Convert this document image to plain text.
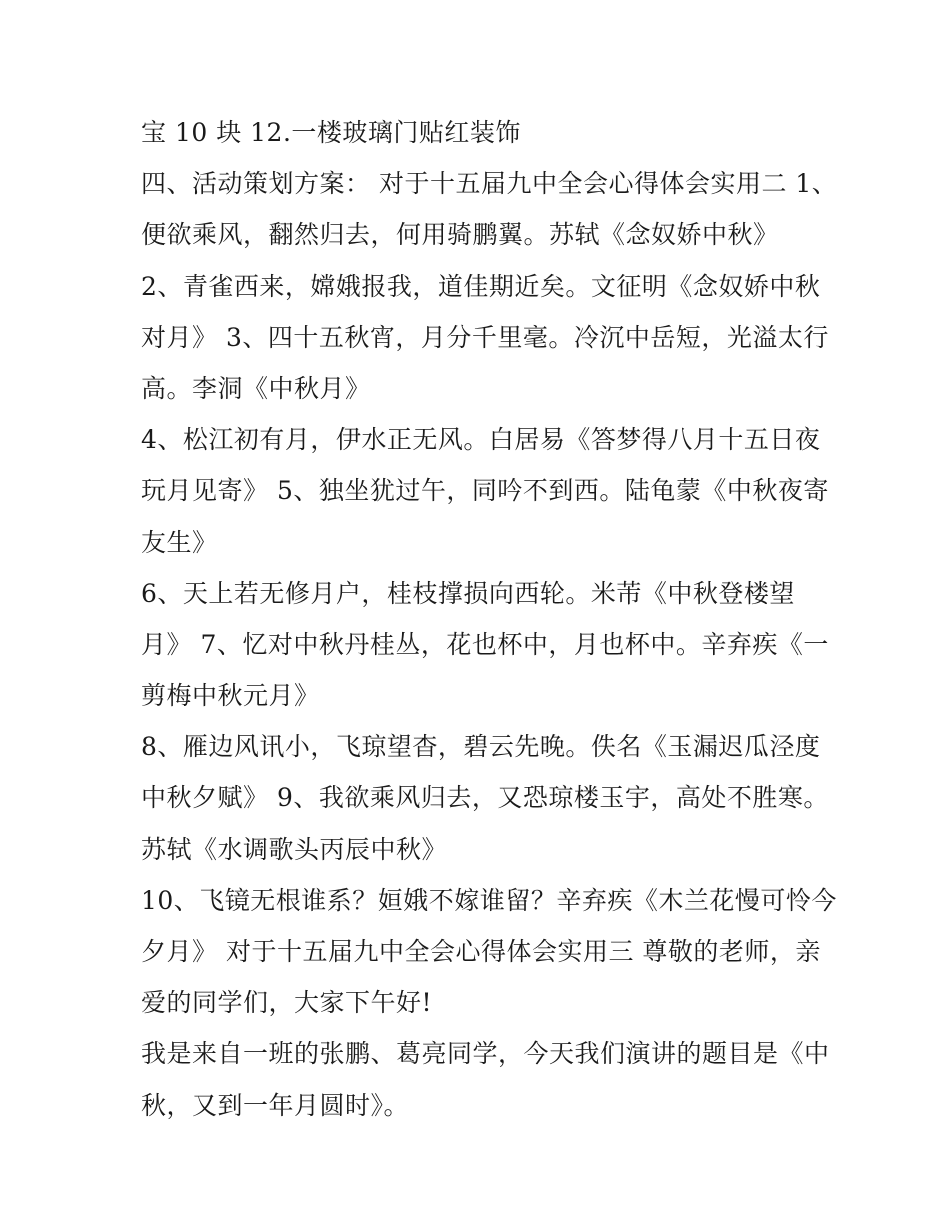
宝 10 块 12.一楼玻璃门贴红装饰
四、活动策划方案： 对于十五届九中全会心得体会实用二 1、
便欲乘风，翻然归去，何用骑鹏翼。苏轼《念奴娇中秋》
2、青雀西来，嫦娥报我，道佳期近矣。文征明《念奴娇中秋
对月》 3、四十五秋宵，月分千里毫。冷沉中岳短，光溢太行
高。李洞《中秋月》
4、松江初有月，伊水正无风。白居易《答梦得八月十五日夜
玩月见寄》 5、独坐犹过午，同吟不到西。陆龟蒙《中秋夜寄
友生》
6、天上若无修月户，桂枝撑损向西轮。米芾《中秋登楼望
月》 7、忆对中秋丹桂丛，花也杯中，月也杯中。辛弃疾《一
剪梅中秋元月》
8、雁边风讯小，飞琼望杳，碧云先晚。佚名《玉漏迟瓜泾度
中秋夕赋》 9、我欲乘风归去，又恐琼楼玉宇，高处不胜寒。
苏轼《水调歌头丙辰中秋》
10、飞镜无根谁系？姮娥不嫁谁留？辛弃疾《木兰花慢可怜今
夕月》 对于十五届九中全会心得体会实用三 尊敬的老师，亲
爱的同学们，大家下午好!
我是来自一班的张鹏、葛亮同学，今天我们演讲的题目是《中
秋，又到一年月圆时》。
